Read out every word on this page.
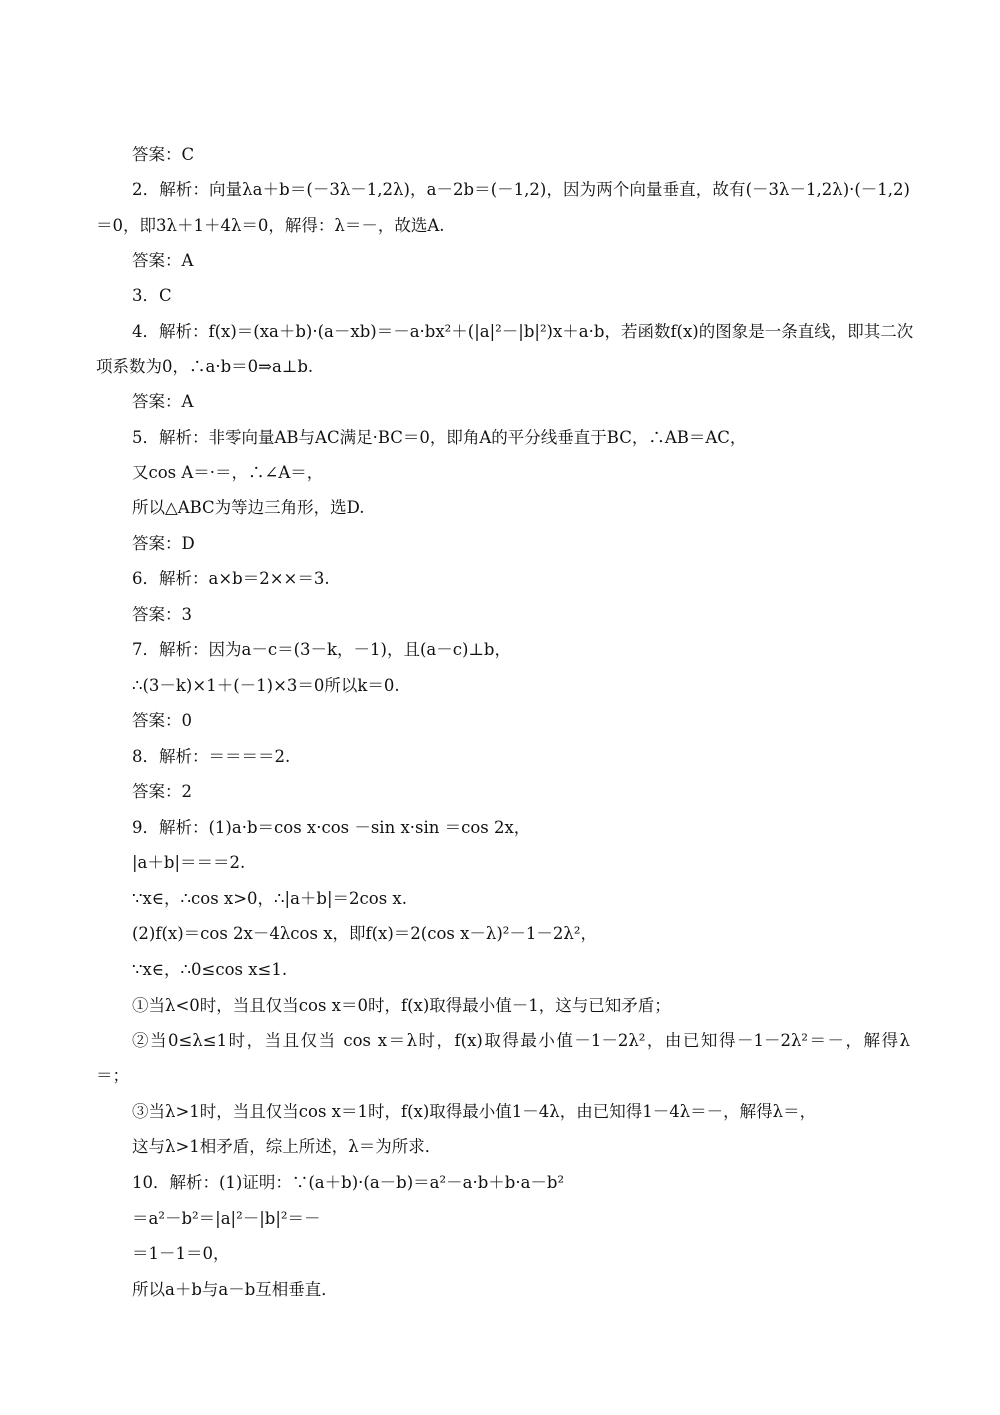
答案：C
2．解析：向量λa＋b＝(－3λ－1,2λ)，a－2b＝(－1,2)，因为两个向量垂直，故有(－3λ－1,2λ)·(－1,2)
＝0，即3λ＋1＋4λ＝0，解得：λ＝－，故选A.
答案：A
3．C
4．解析：f(x)＝(xa＋b)·(a－xb)＝－a·bx²＋(|a|²－|b|²)x＋a·b，若函数f(x)的图象是一条直线，即其二次
项系数为0，∴a·b＝0⇒a⊥b.
答案：A
5．解析：非零向量AB与AC满足·BC＝0，即角A的平分线垂直于BC，∴AB＝AC，
又cos A＝·＝，∴∠A＝，
所以△ABC为等边三角形，选D.
答案：D
6．解析：a×b＝2××＝3.
答案：3
7．解析：因为a－c＝(3－k，－1)，且(a－c)⊥b，
∴(3－k)×1＋(－1)×3＝0所以k＝0.
答案：0
8．解析：＝＝＝＝2.
答案：2
9．解析：(1)a·b＝cos x·cos －sin x·sin ＝cos 2x，
|a＋b|＝＝＝2.
∵x∈，∴cos x>0，∴|a＋b|＝2cos x.
(2)f(x)＝cos 2x－4λcos x，即f(x)＝2(cos x－λ)²－1－2λ²，
∵x∈，∴0≤cos x≤1.
①当λ<0时，当且仅当cos x＝0时，f(x)取得最小值－1，这与已知矛盾；
②当0≤λ≤1时，当且仅当 cos x＝λ时，f(x)取得最小值－1－2λ²，由已知得－1－2λ²＝－，解得λ
＝；
③当λ>1时，当且仅当cos x＝1时，f(x)取得最小值1－4λ，由已知得1－4λ＝－，解得λ＝，
这与λ>1相矛盾，综上所述，λ＝为所求．
10．解析：(1)证明：∵(a＋b)·(a－b)＝a²－a·b＋b·a－b²
＝a²－b²＝|a|²－|b|²＝－
＝1－1＝0，
所以a＋b与a－b互相垂直．
